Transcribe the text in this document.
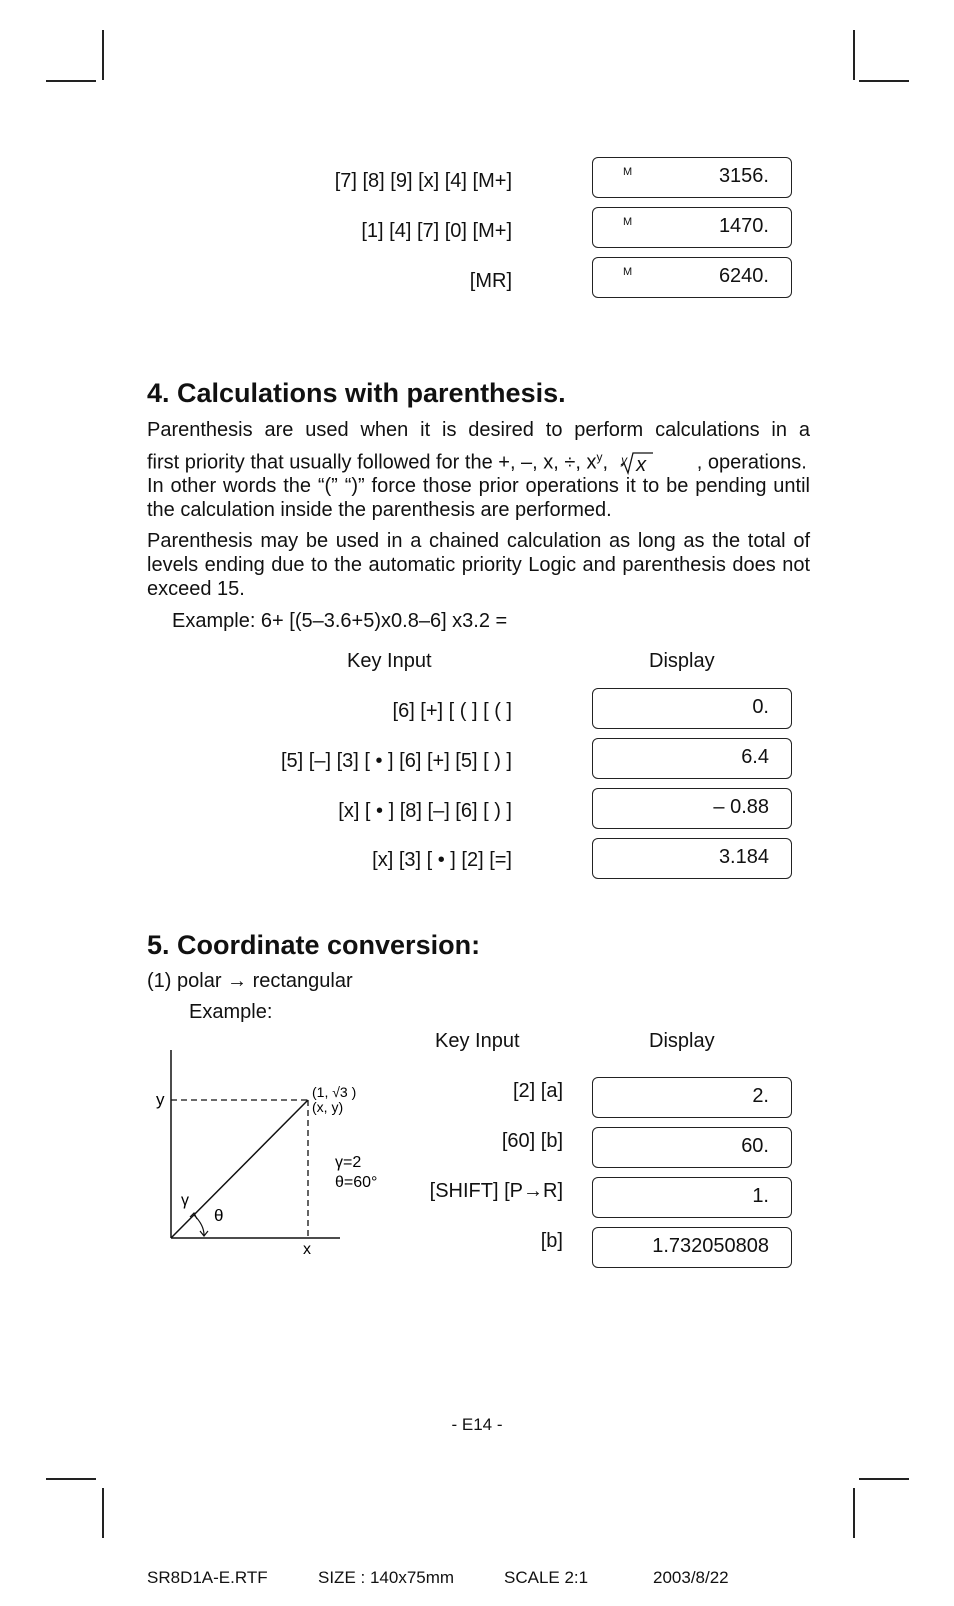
[7] [8] [9] [x] [4] [M+]	M	3156.
[1] [4] [7] [0] [M+]	M	1470.
[MR]	M	6240.
4. Calculations with parenthesis.

Parenthesis are used when it is desired to perform calculations in a

first priority that usually followed for the +, –, x, ÷, $x^y$, y x	, operations.

In other words the “(” “)” force those prior operations it to be pending until the calculation inside the parenthesis are performed.

Parenthesis may be used in a chained calculation as long as the total of levels ending due to the automatic priority Logic and parenthesis does not exceed 15.

Example: 6+ [(5–3.6+5)x0.8–6] x3.2 =
Key Input	Display
[6] [+] [ ( ] [ ( ]	0.
[5] [–] [3] [ • ] [6] [+] [5] [ ) ]	6.4
[x] [ • ] [8] [–] [6] [ ) ]	– 0.88
[x] [3] [ • ] [2] [=]	3.184
5. Coordinate conversion:
(1) polar → rectangular
Example:
y
x
(1, √3 )
(x, y)
γ=2
θ=60°
γ
θ
Key Input	Display
[2] [a]	2.
[60] [b]	60.
[SHIFT] [P→R]	1.
[b]	1.732050808
- E14 -
SR8D1A-E.RTF	SIZE : 140x75mm	SCALE 2:1	2003/8/22
